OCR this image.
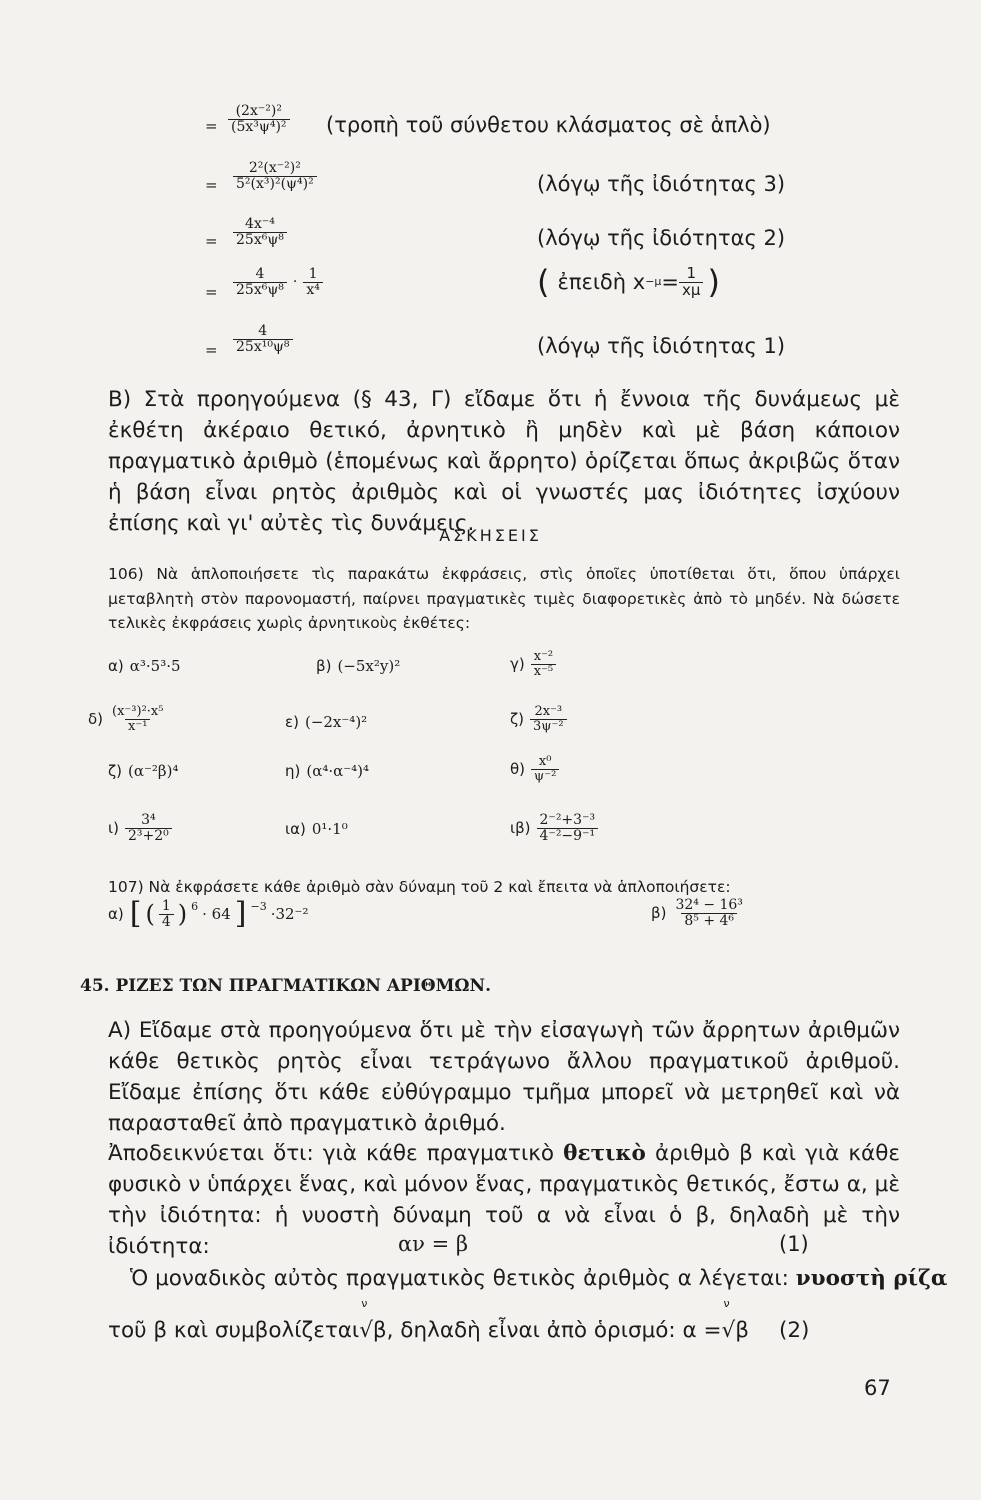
= $\frac{\text{(2x⁻²)²}}{\text{(5x³ψ⁴)²}}$ (τροπὴ τοῦ σύνθετου κλάσματος σὲ ἁπλὸ)
= $\frac{\text{2²(x⁻²)²}}{\text{5²(x³)²(ψ⁴)²}}$	(λόγῳ τῆς ἰδιότητας 3)
= $\frac{\text{4x⁻⁴}}{\text{25x⁶ψ⁸}}$	(λόγῳ τῆς ἰδιότητας 2)
= $\frac{4}{\text{25x⁶ψ⁸}} \cdot \frac{1}{\text{x⁴}}$	( ἐπειδὴ $x -\mu = \frac{1}{x\mu}$ )
= $\frac{4}{\text{25x¹⁰ψ⁸}}$	(λόγῳ τῆς ἰδιότητας 1)
Β) Στὰ προηγούμενα (§ 43, Γ) εἴδαμε ὅτι ἡ ἔννοια τῆς δυνάμεως μὲ ἐκθέτη ἀκέραιο θετικό, ἀρνητικὸ ἢ μηδὲν καὶ μὲ βάση κάποιον πραγματικὸ ἀριθμὸ (ἑπομένως καὶ ἄρρητο) ὁρίζεται ὅπως ἀκριβῶς ὅταν ἡ βάση εἶναι ρητὸς ἀριθμὸς καὶ οἱ γνωστές μας ἰδιότητες ἰσχύουν ἐπίσης καὶ γι' αὐτὲς τὶς δυνάμεις.
ΑΣΚΗΣΕΙΣ
106) Νὰ ἁπλοποιήσετε τὶς παρακάτω ἐκφράσεις, στὶς ὁποῖες ὑποτίθεται ὅτι, ὅπου ὑπάρχει μεταβλητὴ στὸν παρονομαστή, παίρνει πραγματικὲς τιμὲς διαφορετικὲς ἀπὸ τὸ μηδέν. Νὰ δώσετε τελικὲς ἐκφράσεις χωρὶς ἀρνητικοὺς ἐκθέτες:
α) α³·5³·5	β) (−5x²y)²	$\gamma) \frac{\text{x⁻²}}{\text{x⁻⁵}}$
$\delta) \frac{\text{(x⁻³)²·x⁵}}{\text{x⁻¹}}$	ε) (−2x⁻⁴)²	$\zeta) \frac{\text{2x⁻³}}{\text{3ψ⁻²}}$
ζ) (α⁻²β)⁴	η) (α⁴·α⁻⁴)⁴	$\theta) \frac{\text{x⁰}}{\text{ψ⁻²}}$
$\iota) \frac{\text{3⁴}}{\text{2³+2⁰}}$	ια) 0¹·1⁰	$\iota\beta) \frac{\text{2⁻²+3⁻³}}{\text{4⁻²−9⁻¹}}$
107) Νὰ ἐκφράσετε κάθε ἀριθμὸ σὰν δύναμη τοῦ 2 καὶ ἔπειτα νὰ ἁπλοποιήσετε:
α) [ ( $\frac{1}{4}$ ) 6 · 64 ] −3 ·32⁻²	$\beta) \frac{\text{32⁴ − 16³}}{\text{8⁵ + 4⁶}}$
45. ΡΙΖΕΣ ΤΩΝ ΠΡΑΓΜΑΤΙΚΩΝ ΑΡΙΘΜΩΝ.
Α) Εἴδαμε στὰ προηγούμενα ὅτι μὲ τὴν εἰσαγωγὴ τῶν ἄρρητων ἀριθμῶν κάθε θετικὸς ρητὸς εἶναι τετράγωνο ἄλλου πραγματικοῦ ἀριθμοῦ. Εἴδαμε ἐπίσης ὅτι κάθε εὐθύγραμμο τμῆμα μπορεῖ νὰ μετρηθεῖ καὶ νὰ παρασταθεῖ ἀπὸ πραγματικὸ ἀριθμό.
Ἀποδεικνύεται ὅτι: γιὰ κάθε πραγματικὸ θετικὸ ἀριθμὸ β καὶ γιὰ κάθε φυσικὸ ν ὑπάρχει ἕνας, καὶ μόνον ἕνας, πραγματικὸς θετικός, ἔστω α, μὲ τὴν ἰδιότητα: ἡ νυοστὴ δύναμη τοῦ α νὰ εἶναι ὁ β, δηλαδὴ μὲ τὴν ἰδιότητα:	αν = β	(1)
Ὁ μοναδικὸς αὐτὸς πραγματικὸς θετικὸς ἀριθμὸς α λέγεται: νυοστὴ ρίζα
τοῦ β καὶ συμβολίζεται
ν
√β , δηλαδὴ εἶναι ἀπὸ ὁρισμό: α =
ν
√β (2)
67
